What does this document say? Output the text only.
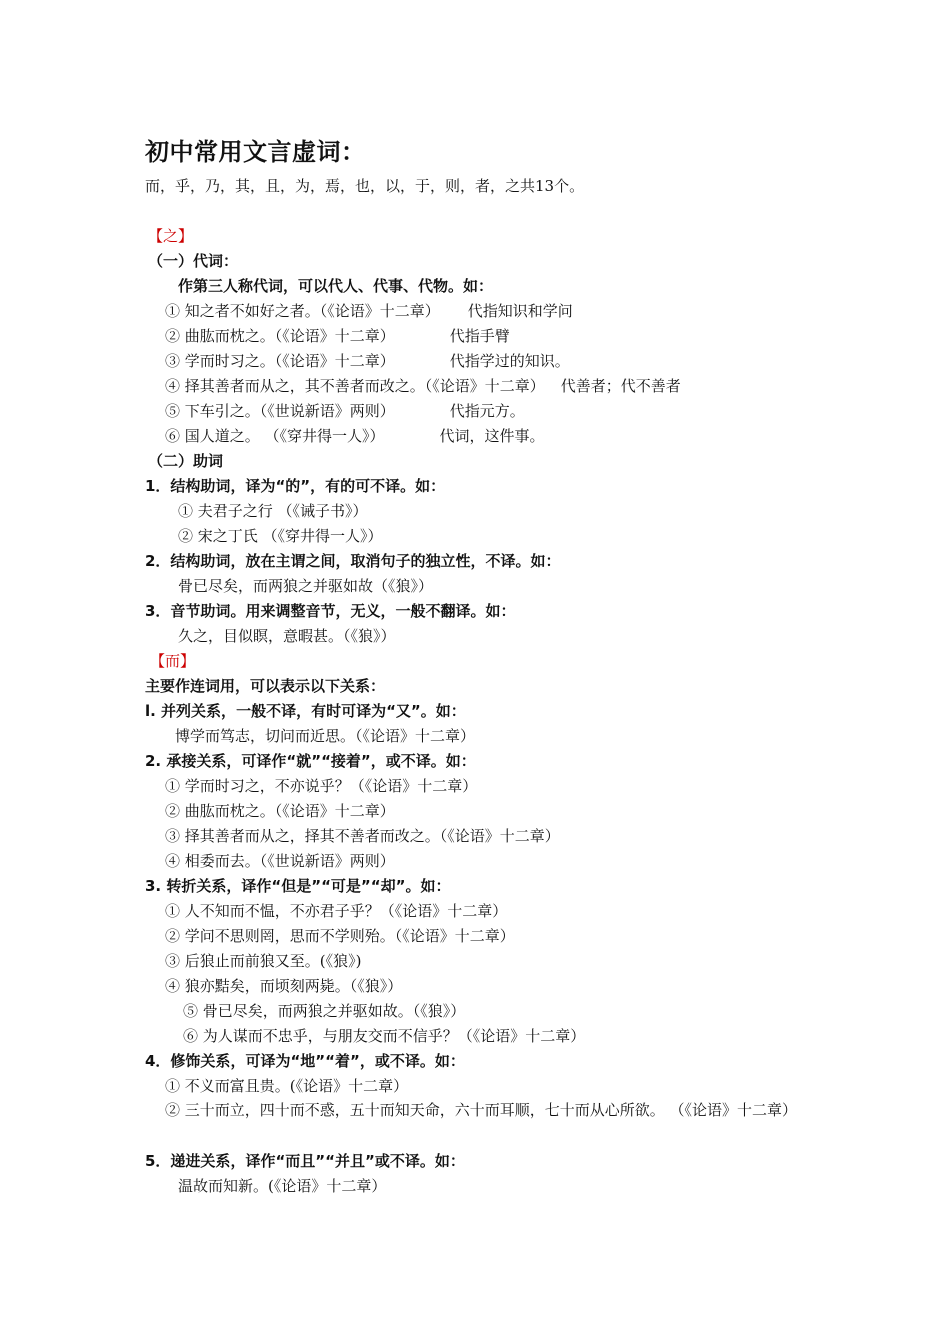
初中常用文言虚词：
而，乎，乃，其，且，为，焉，也，以，于，则，者，之共13个。
【之】
（一）代词：
作第三人称代词，可以代人、代事、代物。如：
① 知之者不如好之者。（《论语》十二章） 代指知识和学问
② 曲肱而枕之。（《论语》十二章）	代指手臂
③ 学而时习之。（《论语》十二章）	代指学过的知识。
④ 择其善者而从之，其不善者而改之。（《论语》十二章） 代善者；代不善者
⑤ 下车引之。（《世说新语》两则）	代指元方。
⑥ 国人道之。 （《穿井得一人》）	代词，这件事。
（二）助词
1．结构助词，译为“的”，有的可不译。如：
① 夫君子之行 （《诫子书》）
② 宋之丁氏 （《穿井得一人》）
2．结构助词，放在主谓之间，取消句子的独立性，不译。如：
骨已尽矣，而两狼之并驱如故（《狼》）
3．音节助词。用来调整音节，无义，一般不翻译。如：
久之，目似瞑，意暇甚。（《狼》）
【而】
主要作连词用，可以表示以下关系：
l. 并列关系，一般不译，有时可译为“又”。如：
博学而笃志，切问而近思。（《论语》十二章）
2. 承接关系，可译作“就”“接着”，或不译。如：
① 学而时习之，不亦说乎？（《论语》十二章）
② 曲肱而枕之。（《论语》十二章）
③ 择其善者而从之，择其不善者而改之。（《论语》十二章）
④ 相委而去。（《世说新语》两则）
3. 转折关系，译作“但是”“可是”“却”。如：
① 人不知而不愠，不亦君子乎？（《论语》十二章）
② 学问不思则罔，思而不学则殆。（《论语》十二章）
③ 后狼止而前狼又至。(《狼》)
④ 狼亦黠矣，而顷刻两毙。（《狼》）
⑤ 骨已尽矣，而两狼之并驱如故。（《狼》）
⑥ 为人谋而不忠乎，与朋友交而不信乎？（《论语》十二章）
4．修饰关系，可译为“地”“着”，或不译。如：
① 不义而富且贵。(《论语》十二章）
② 三十而立，四十而不惑，五十而知天命，六十而耳顺，七十而从心所欲。 （《论语》十二章）
5．递进关系，译作“而且”“并且”或不译。如：
温故而知新。(《论语》十二章）
